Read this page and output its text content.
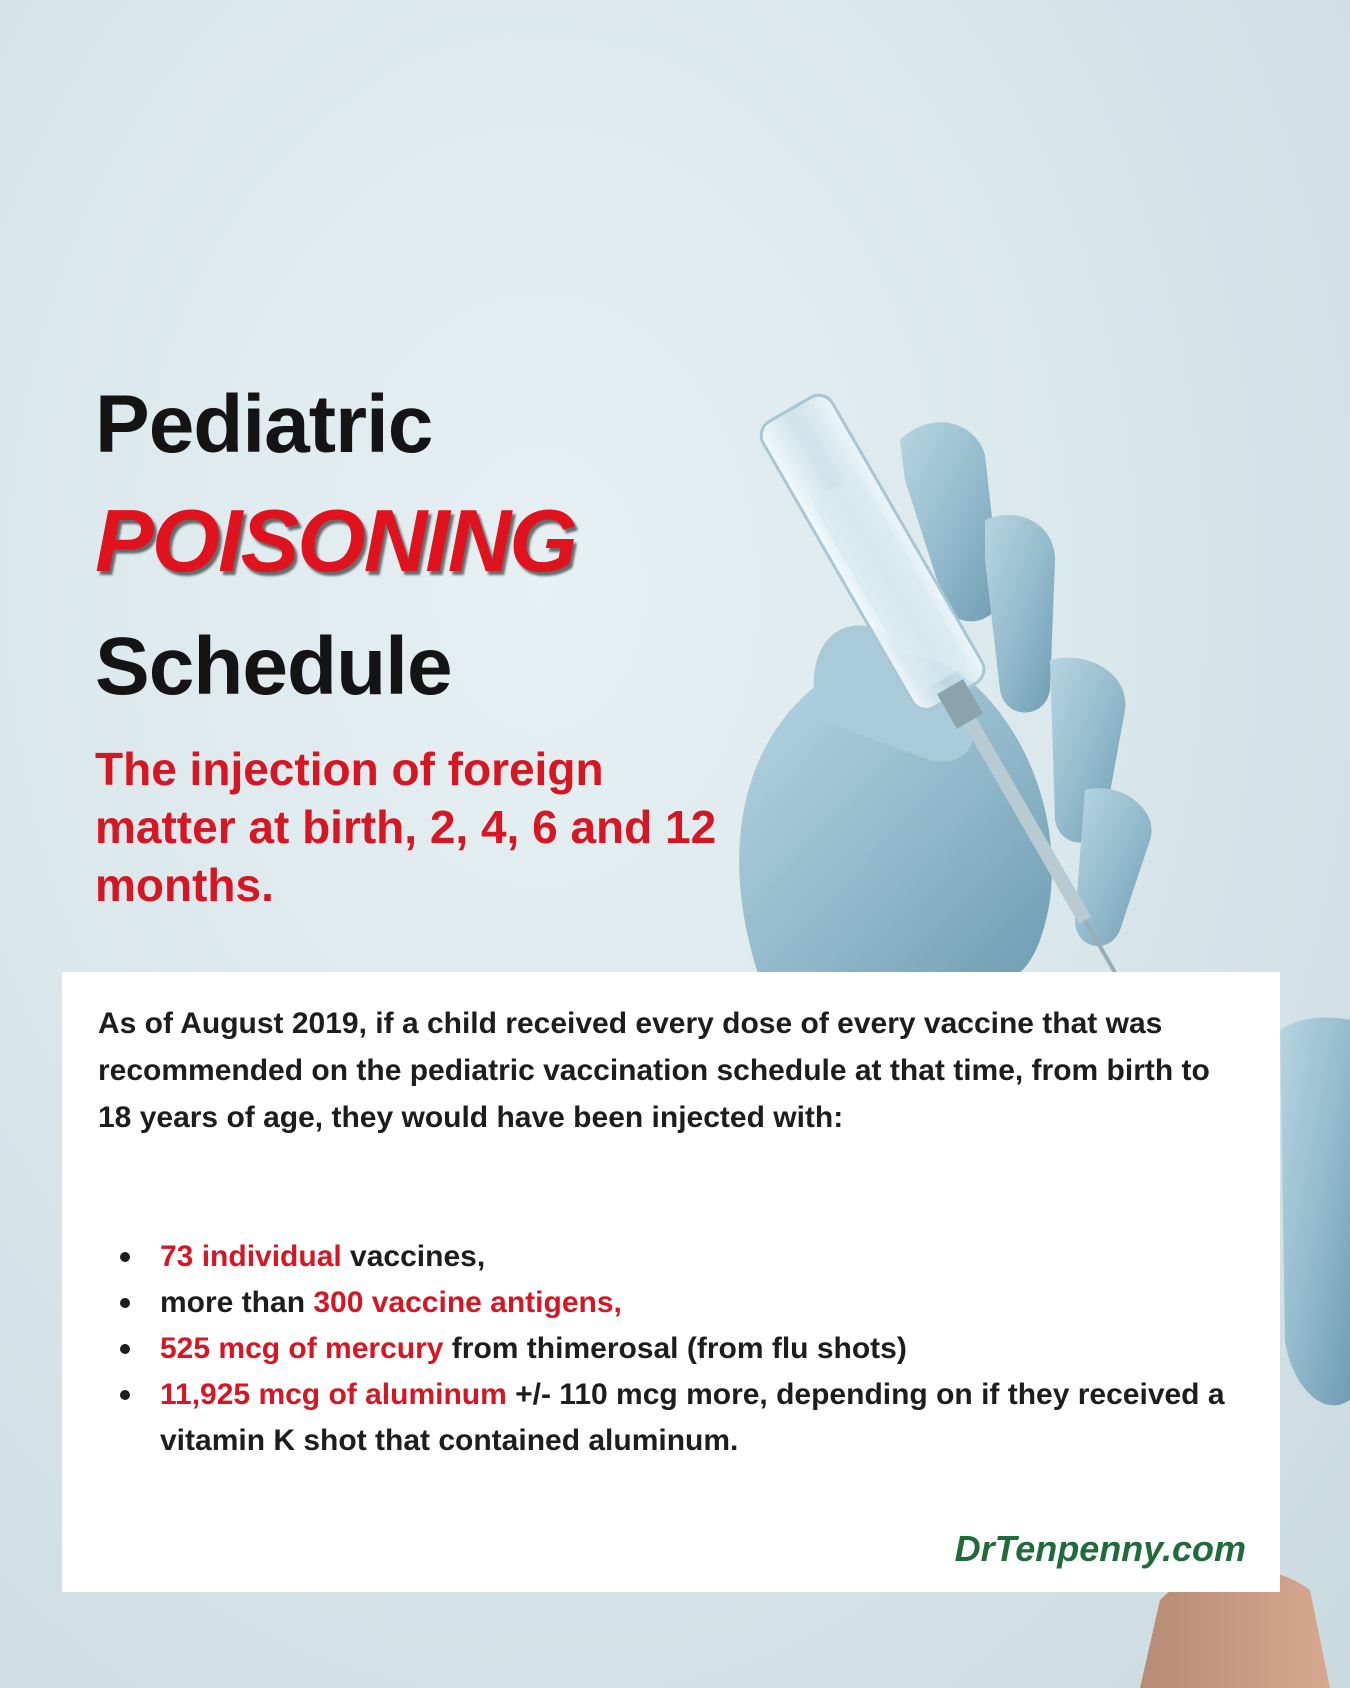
Pediatric
POISONING
Schedule

The injection of foreign matter at birth, 2, 4, 6 and 12 months.

As of August 2019, if a child received every dose of every vaccine that was recommended on the pediatric vaccination schedule at that time, from birth to 18 years of age, they would have been injected with:

73 individual vaccines,
more than 300 vaccine antigens,
525 mcg of mercury from thimerosal (from flu shots)
11,925 mcg of aluminum +/- 110 mcg more, depending on if they received a vitamin K shot that contained aluminum.

DrTenpenny.com
